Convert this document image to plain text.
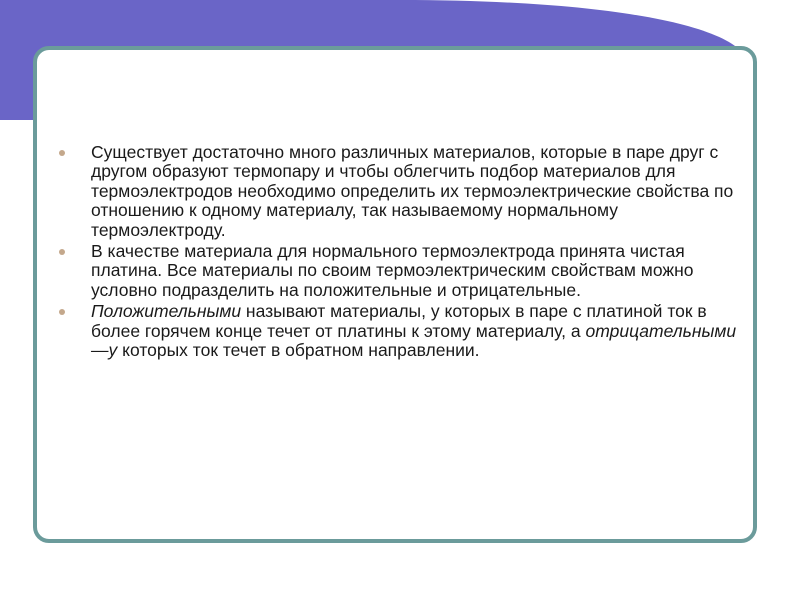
Существует достаточно много различных материалов, которые в паре друг с другом образуют термопару и чтобы облегчить подбор материалов для термоэлектродов необходимо определить их термоэлектрические свойства по отношению к одному материалу, так называемому нормальному термоэлектроду.
В качестве материала для нормального термоэлектрода принята чистая платина. Все материалы по своим термоэлектрическим свойствам можно условно подразделить на положительные и отрицательные.
Положительными называют материалы, у которых в паре с платиной ток в более горячем конце течет от платины к этому материалу, а отрицательными —у которых ток течет в обратном направлении.
